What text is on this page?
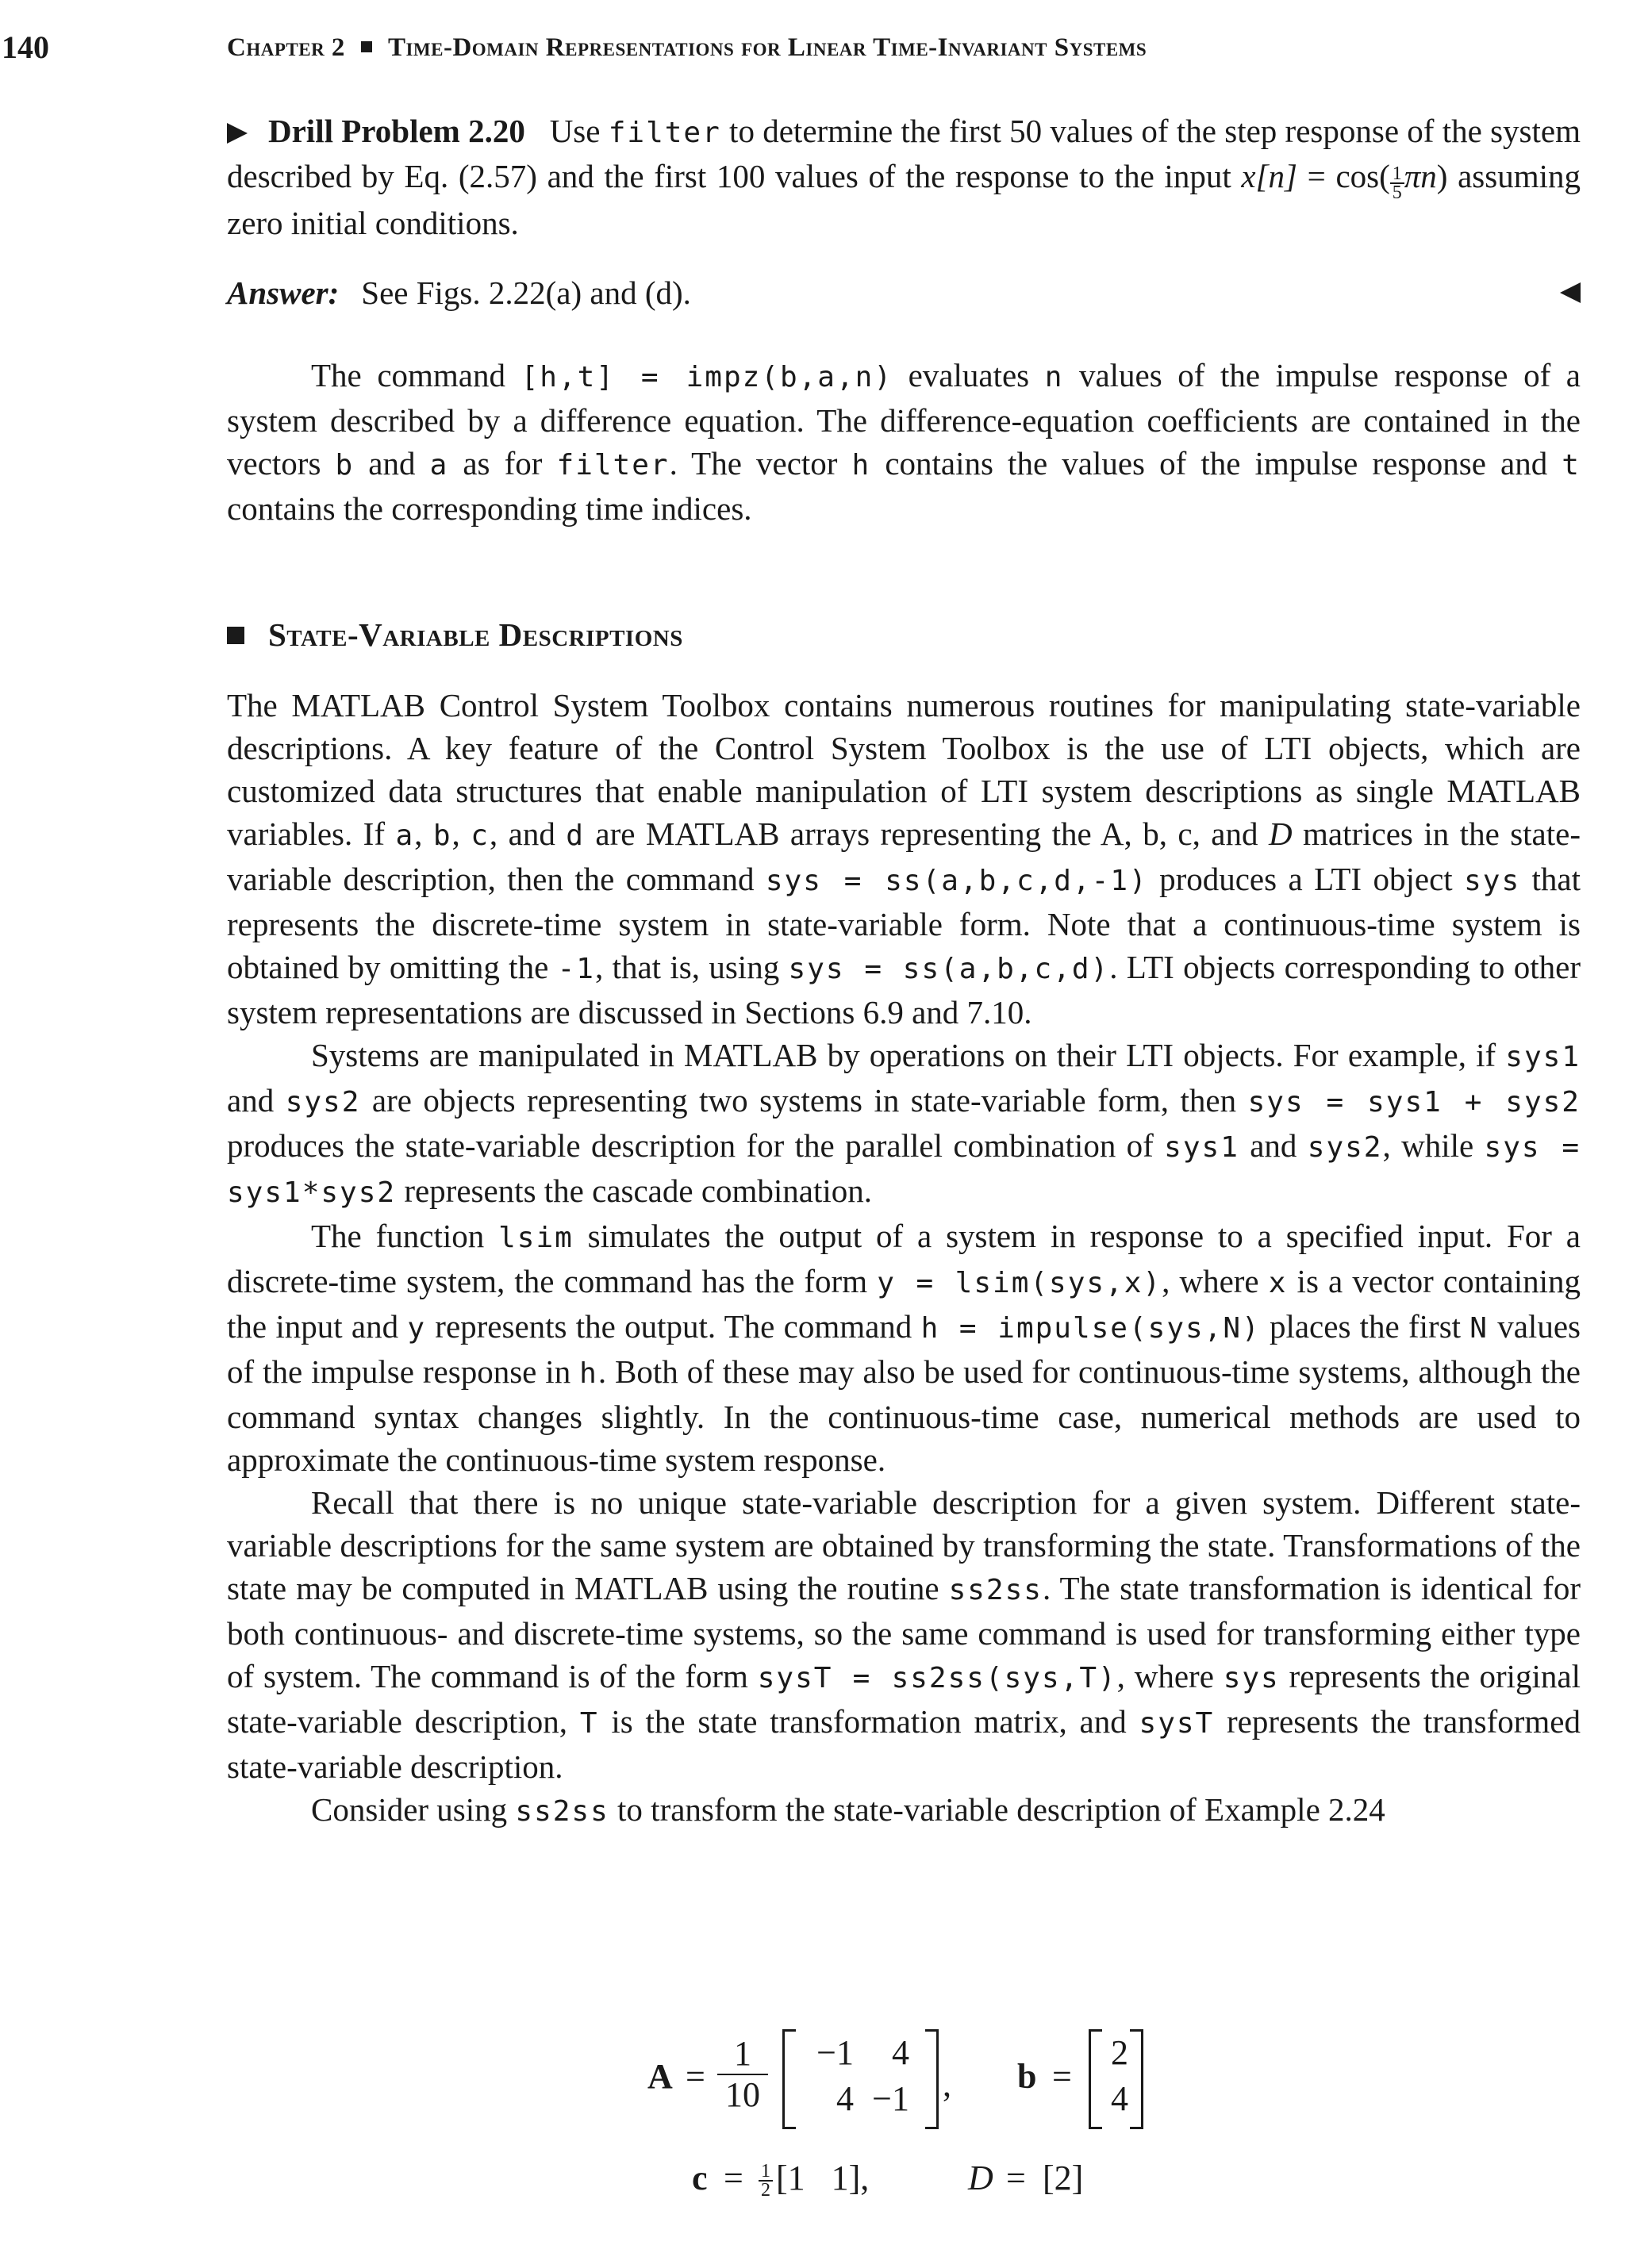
140	Chapter 2 Time-Domain Representations for Linear Time-Invariant Systems

Drill Problem 2.20 Use filter to determine the first 50 values of the step response of the system described by Eq. (2.57) and the first 100 values of the response to the input $x[n] = \cos( \frac{1}{5} \pi n)$ assuming zero initial conditions.

Answer: See Figs. 2.22(a) and (d).

The command [h,t] = impz(b,a,n) evaluates n values of the impulse response of a system described by a difference equation. The difference-equation coefficients are contained in the vectors b and a as for filter. The vector h contains the values of the impulse response and t contains the corresponding time indices.

State-Variable Descriptions

The MATLAB Control System Toolbox contains numerous routines for manipulating state-variable descriptions. A key feature of the Control System Toolbox is the use of LTI objects, which are customized data structures that enable manipulation of LTI system descriptions as single MATLAB variables. If a, b, c, and d are MATLAB arrays representing the A, b, c, and D matrices in the state-variable description, then the command sys = ss(a,b,c,d,-1) produces a LTI object sys that represents the discrete-time system in state-variable form. Note that a continuous-time system is obtained by omitting the -1, that is, using sys = ss(a,b,c,d). LTI objects corresponding to other system representations are discussed in Sections 6.9 and 7.10.

Systems are manipulated in MATLAB by operations on their LTI objects. For example, if sys1 and sys2 are objects representing two systems in state-variable form, then sys = sys1 + sys2 produces the state-variable description for the parallel combination of sys1 and sys2, while sys = sys1*sys2 represents the cascade combination.

The function lsim simulates the output of a system in response to a specified input. For a discrete-time system, the command has the form y = lsim(sys,x), where x is a vector containing the input and y represents the output. The command h = impulse(sys,N) places the first N values of the impulse response in h. Both of these may also be used for continuous-time systems, although the command syntax changes slightly. In the continuous-time case, numerical methods are used to approximate the continuous-time system response.

Recall that there is no unique state-variable description for a given system. Different state-variable descriptions for the same system are obtained by transforming the state. Transformations of the state may be computed in MATLAB using the routine ss2ss. The state transformation is identical for both continuous- and discrete-time systems, so the same command is used for transforming either type of system. The command is of the form sysT = ss2ss(sys,T), where sys represents the original state-variable description, T is the state transformation matrix, and sysT represents the transformed state-variable description.

Consider using ss2ss to transform the state-variable description of Example 2.24

$A = \frac{1}{10}$	−1	4
4 −1 , b =
2
4
$c = \frac{1}{2} [1$   1],	D = [2]
